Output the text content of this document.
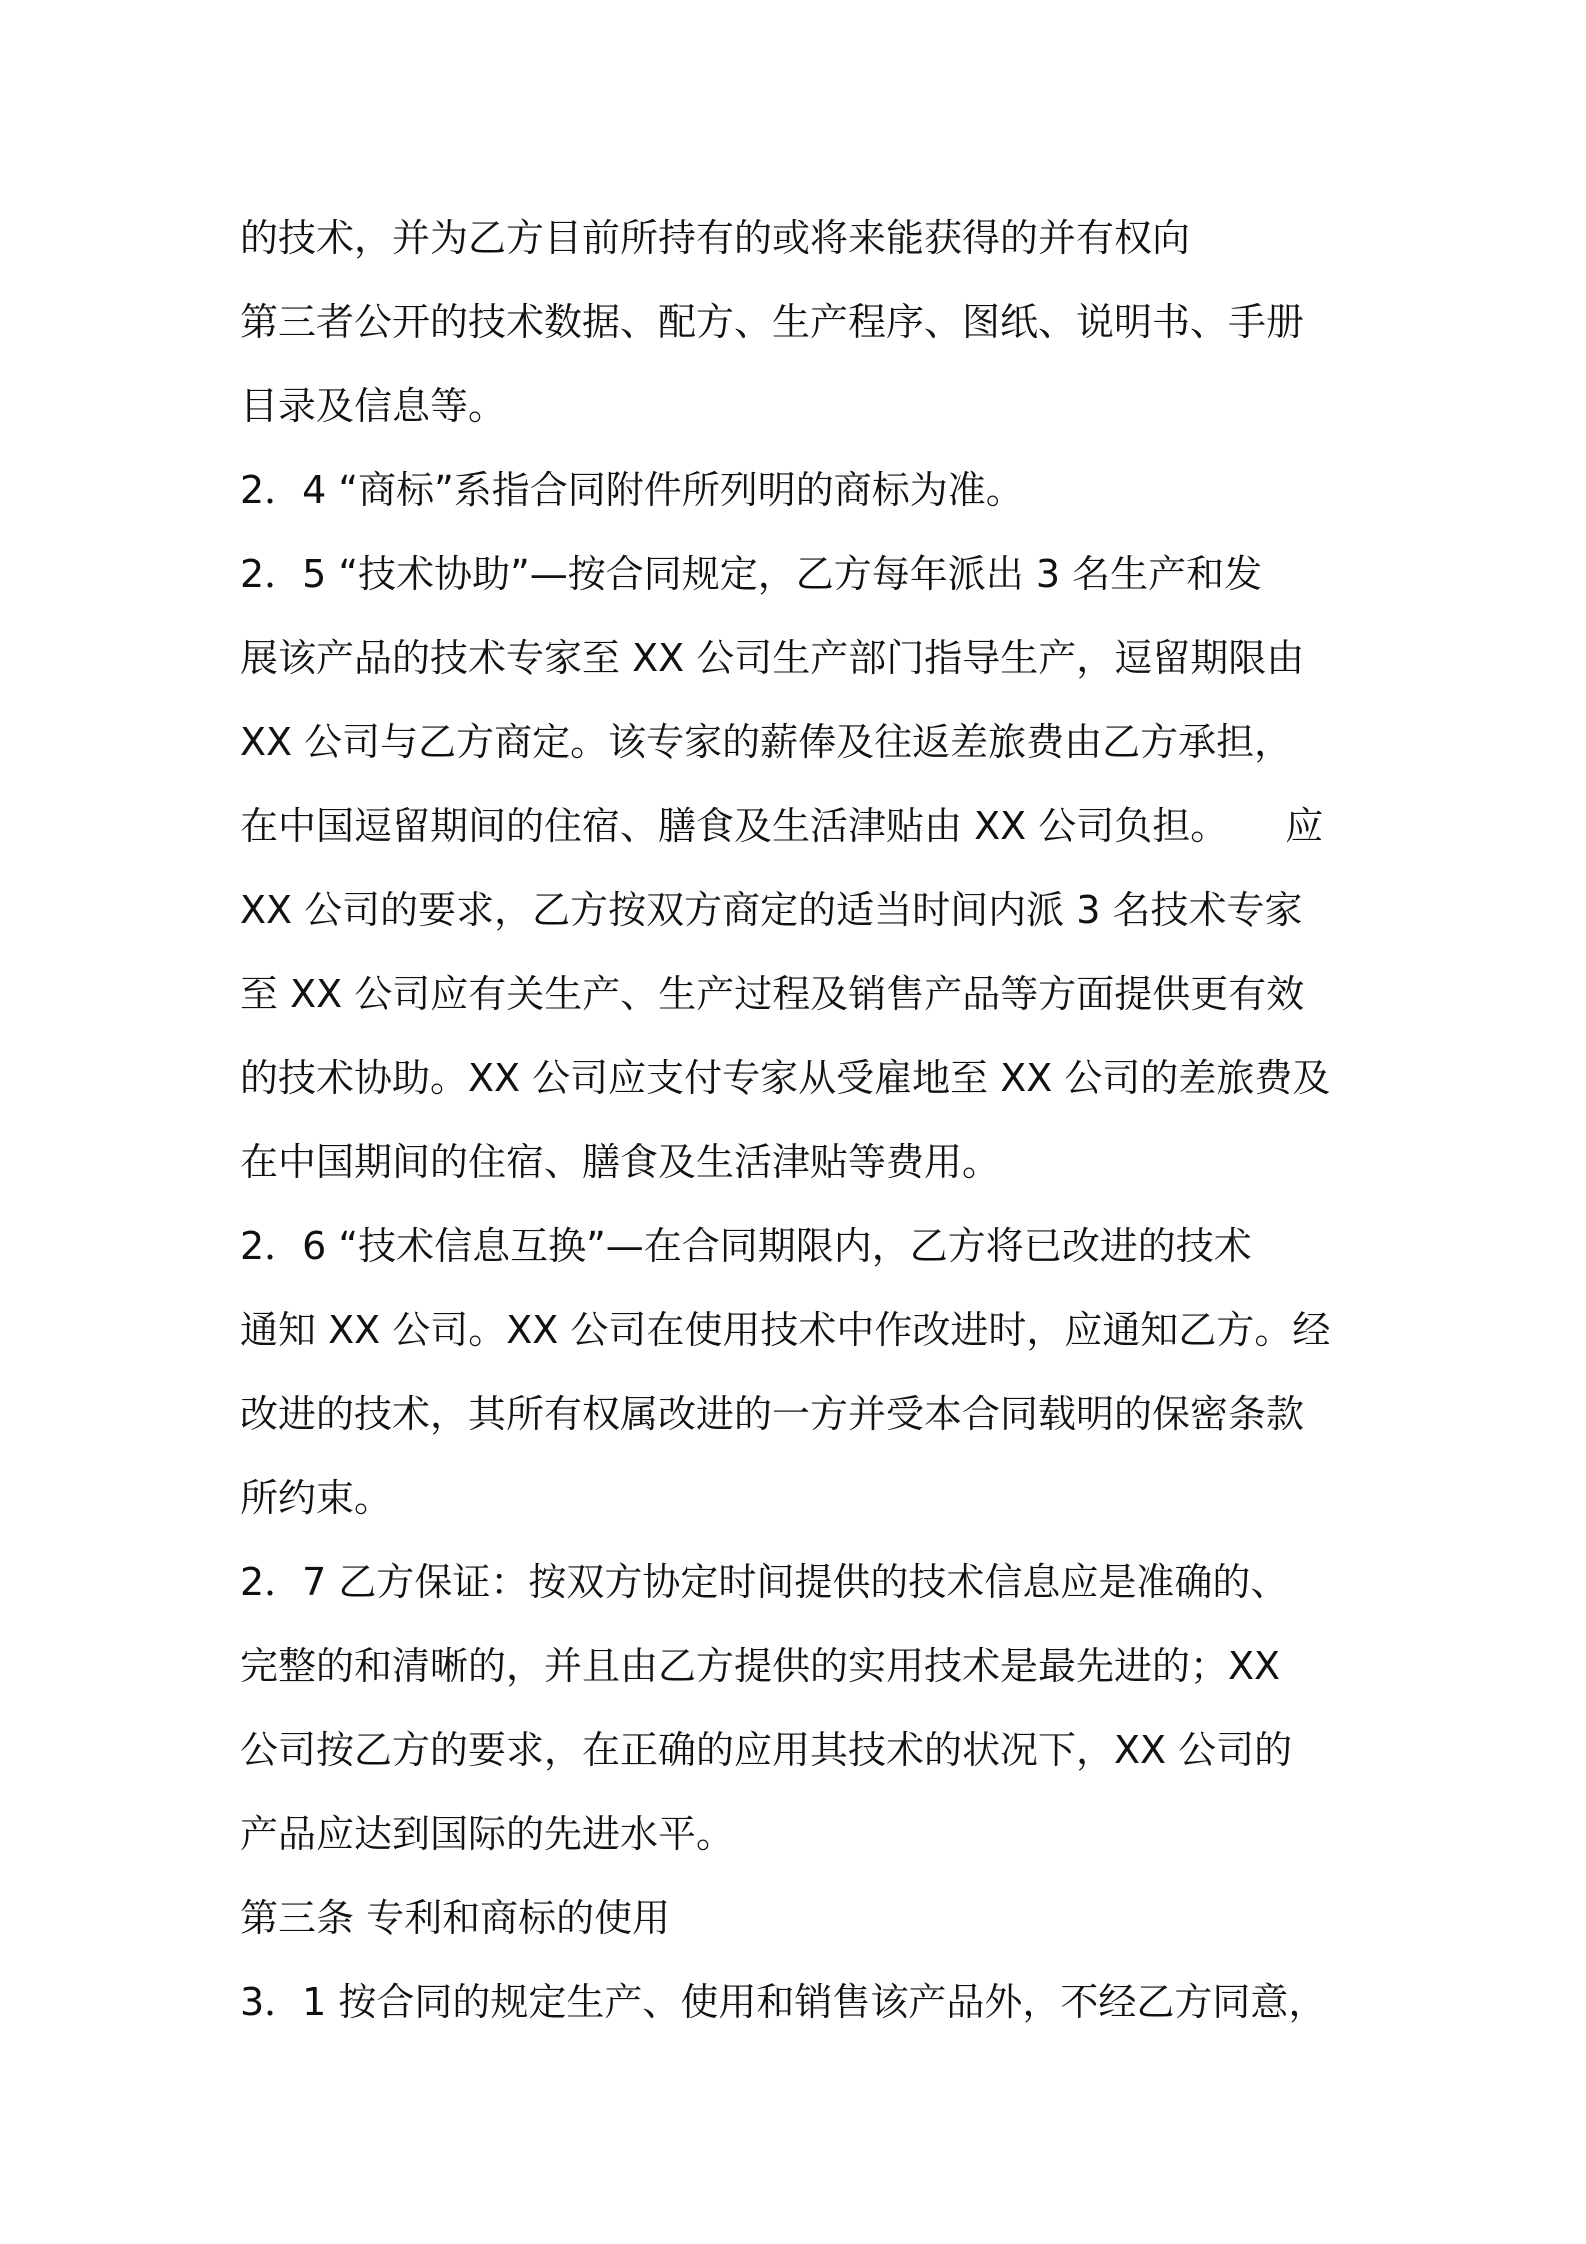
的技术，并为乙方目前所持有的或将来能获得的并有权向
第三者公开的技术数据、配方、生产程序、图纸、说明书、手册
目录及信息等。
2．4 “商标”系指合同附件所列明的商标为准。
2．5 “技术协助”—按合同规定，乙方每年派出 3 名生产和发
展该产品的技术专家至 XX 公司生产部门指导生产，逗留期限由
XX 公司与乙方商定。该专家的薪俸及往返差旅费由乙方承担，
在中国逗留期间的住宿、膳食及生活津贴由 XX 公司负担。　　应
XX 公司的要求，乙方按双方商定的适当时间内派 3 名技术专家
至 XX 公司应有关生产、生产过程及销售产品等方面提供更有效
的技术协助。XX 公司应支付专家从受雇地至 XX 公司的差旅费及
在中国期间的住宿、膳食及生活津贴等费用。
2．6 “技术信息互换”—在合同期限内，乙方将已改进的技术
通知 XX 公司。XX 公司在使用技术中作改进时，应通知乙方。经
改进的技术，其所有权属改进的一方并受本合同载明的保密条款
所约束。
2．7 乙方保证：按双方协定时间提供的技术信息应是准确的、
完整的和清晰的，并且由乙方提供的实用技术是最先进的；XX
公司按乙方的要求，在正确的应用其技术的状况下，XX 公司的
产品应达到国际的先进水平。
第三条 专利和商标的使用
3．1 按合同的规定生产、使用和销售该产品外，不经乙方同意，
